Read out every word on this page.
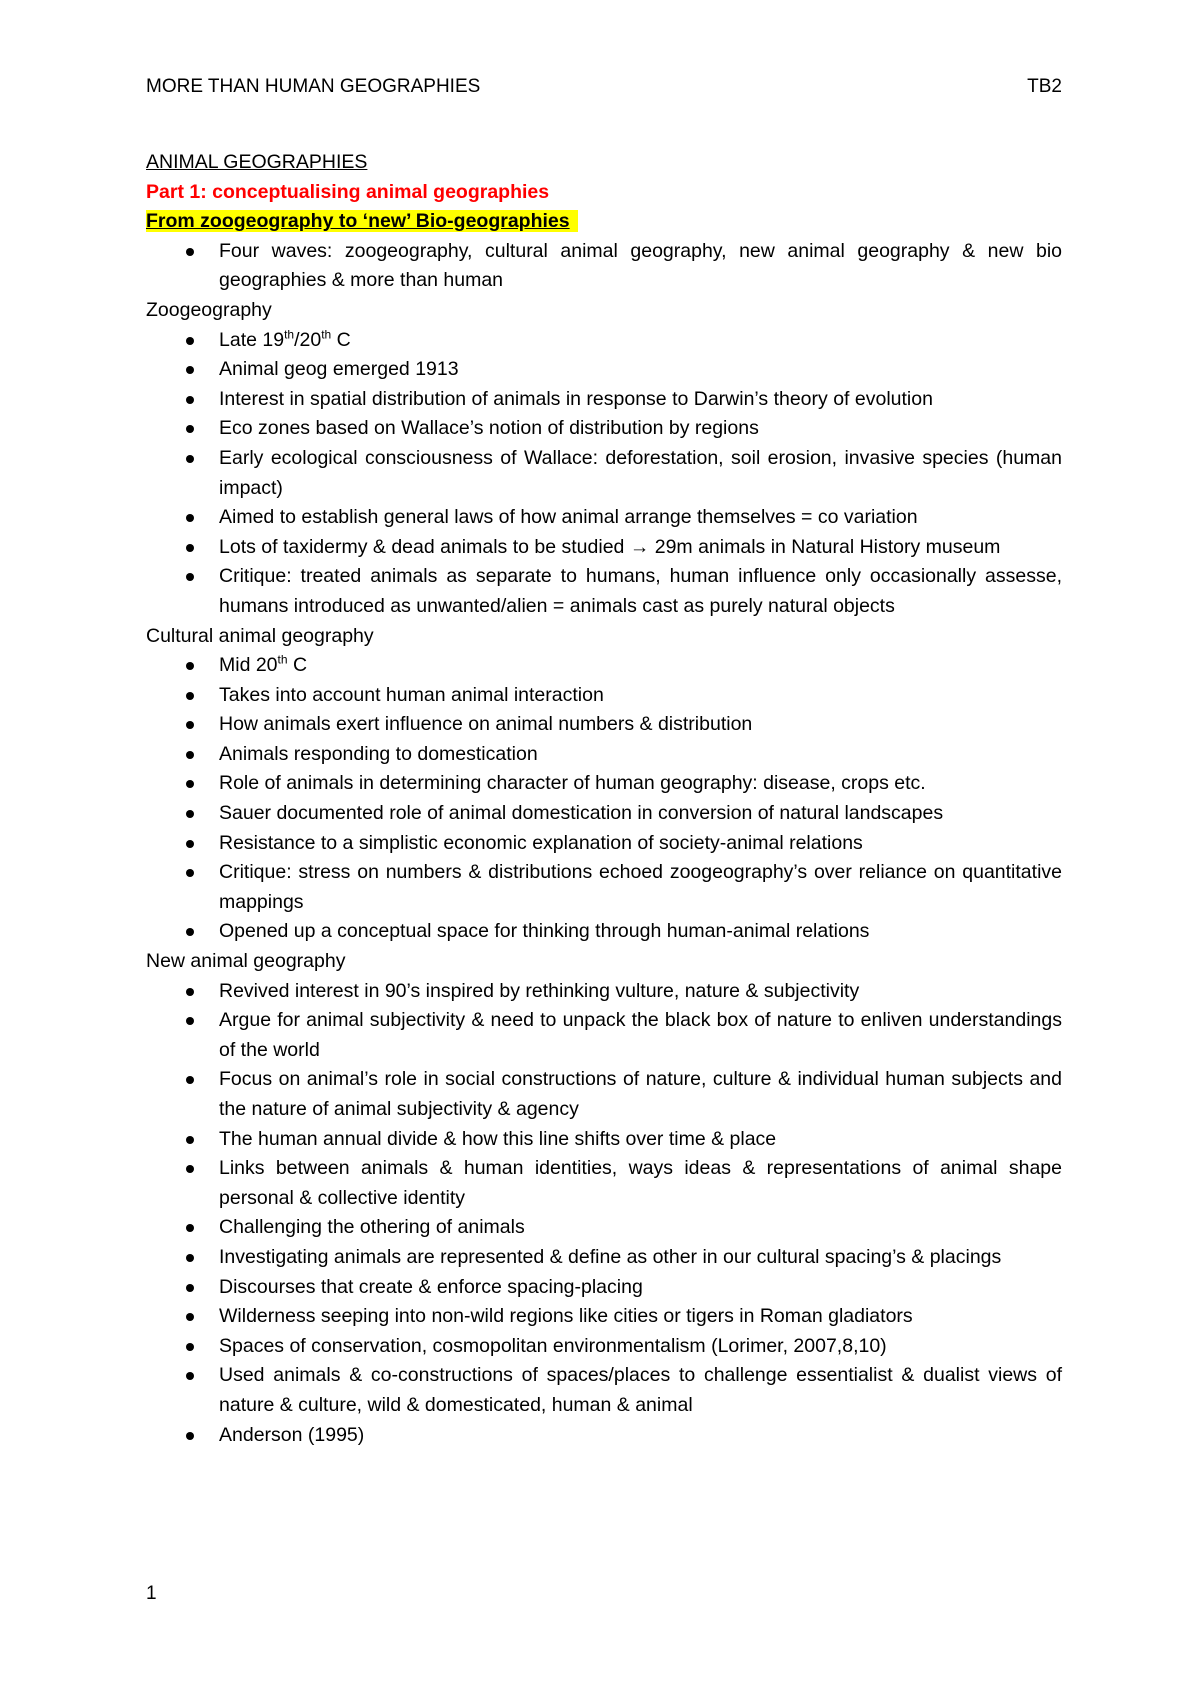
MORE THAN HUMAN GEOGRAPHIES	TB2
ANIMAL GEOGRAPHIES
Part 1: conceptualising animal geographies
From zoogeography to ‘new’ Bio-geographies
Four waves: zoogeography, cultural animal geography, new animal geography & new bio geographies & more than human
Zoogeography
Late 19th/20th C
Animal geog emerged 1913
Interest in spatial distribution of animals in response to Darwin’s theory of evolution
Eco zones based on Wallace’s notion of distribution by regions
Early ecological consciousness of Wallace: deforestation, soil erosion, invasive species (human impact)
Aimed to establish general laws of how animal arrange themselves = co variation
Lots of taxidermy & dead animals to be studied → 29m animals in Natural History museum
Critique: treated animals as separate to humans, human influence only occasionally assesse, humans introduced as unwanted/alien = animals cast as purely natural objects
Cultural animal geography
Mid 20th C
Takes into account human animal interaction
How animals exert influence on animal numbers & distribution
Animals responding to domestication
Role of animals in determining character of human geography: disease, crops etc.
Sauer documented role of animal domestication in conversion of natural landscapes
Resistance to a simplistic economic explanation of society-animal relations
Critique: stress on numbers & distributions echoed zoogeography’s over reliance on quantitative mappings
Opened up a conceptual space for thinking through human-animal relations
New animal geography
Revived interest in 90’s inspired by rethinking vulture, nature & subjectivity
Argue for animal subjectivity & need to unpack the black box of nature to enliven understandings of the world
Focus on animal’s role in social constructions of nature, culture & individual human subjects and the nature of animal subjectivity & agency
The human annual divide & how this line shifts over time & place
Links between animals & human identities, ways ideas & representations of animal shape personal & collective identity
Challenging the othering of animals
Investigating animals are represented & define as other in our cultural spacing’s & placings
Discourses that create & enforce spacing-placing
Wilderness seeping into non-wild regions like cities or tigers in Roman gladiators
Spaces of conservation, cosmopolitan environmentalism (Lorimer, 2007,8,10)
Used animals & co-constructions of spaces/places to challenge essentialist & dualist views of nature & culture, wild & domesticated, human & animal
Anderson (1995)
1
